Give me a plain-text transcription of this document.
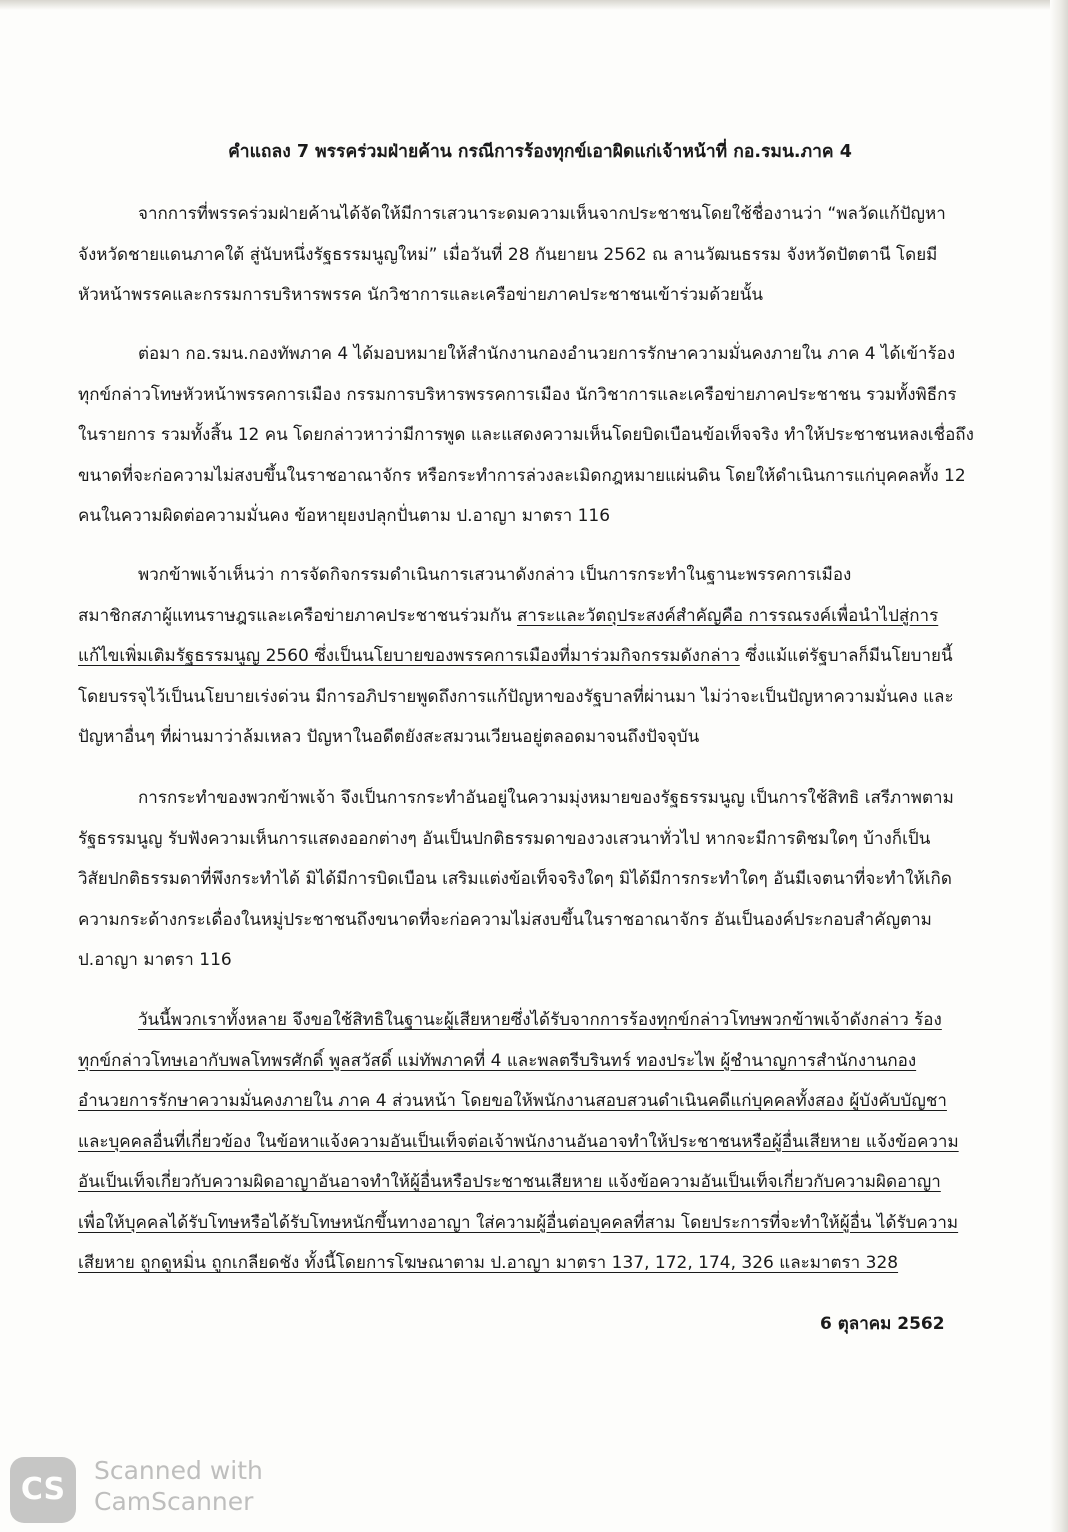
คำแถลง 7 พรรคร่วมฝ่ายค้าน กรณีการร้องทุกข์เอาผิดแก่เจ้าหน้าที่ กอ.รมน.ภาค 4
จากการที่พรรคร่วมฝ่ายค้านได้จัดให้มีการเสวนาระดมความเห็นจากประชาชนโดยใช้ชื่องานว่า “พลวัดแก้ปัญหา
จังหวัดชายแดนภาคใต้ สู่นับหนึ่งรัฐธรรมนูญใหม่” เมื่อวันที่ 28 กันยายน 2562 ณ ลานวัฒนธรรม จังหวัดปัตตานี โดยมี
หัวหน้าพรรคและกรรมการบริหารพรรค นักวิชาการและเครือข่ายภาคประชาชนเข้าร่วมด้วยนั้น
ต่อมา กอ.รมน.กองทัพภาค 4 ได้มอบหมายให้สำนักงานกองอำนวยการรักษาความมั่นคงภายใน ภาค 4 ได้เข้าร้อง
ทุกข์กล่าวโทษหัวหน้าพรรคการเมือง กรรมการบริหารพรรคการเมือง นักวิชาการและเครือข่ายภาคประชาชน รวมทั้งพิธีกร
ในรายการ รวมทั้งสิ้น 12 คน โดยกล่าวหาว่ามีการพูด และแสดงความเห็นโดยบิดเบือนข้อเท็จจริง ทำให้ประชาชนหลงเชื่อถึง
ขนาดที่จะก่อความไม่สงบขึ้นในราชอาณาจักร หรือกระทำการล่วงละเมิดกฎหมายแผ่นดิน โดยให้ดำเนินการแก่บุคคลทั้ง 12
คนในความผิดต่อความมั่นคง ข้อหายุยงปลุกปั่นตาม ป.อาญา มาตรา 116
พวกข้าพเจ้าเห็นว่า การจัดกิจกรรมดำเนินการเสวนาดังกล่าว เป็นการกระทำในฐานะพรรคการเมือง
สมาชิกสภาผู้แทนราษฎรและเครือข่ายภาคประชาชนร่วมกัน สาระและวัตถุประสงค์สำคัญคือ การรณรงค์เพื่อนำไปสู่การ
แก้ไขเพิ่มเติมรัฐธรรมนูญ 2560 ซึ่งเป็นนโยบายของพรรคการเมืองที่มาร่วมกิจกรรมดังกล่าว ซึ่งแม้แต่รัฐบาลก็มีนโยบายนี้
โดยบรรจุไว้เป็นนโยบายเร่งด่วน มีการอภิปรายพูดถึงการแก้ปัญหาของรัฐบาลที่ผ่านมา ไม่ว่าจะเป็นปัญหาความมั่นคง และ
ปัญหาอื่นๆ ที่ผ่านมาว่าล้มเหลว ปัญหาในอดีตยังสะสมวนเวียนอยู่ตลอดมาจนถึงปัจจุบัน
การกระทำของพวกข้าพเจ้า จึงเป็นการกระทำอันอยู่ในความมุ่งหมายของรัฐธรรมนูญ เป็นการใช้สิทธิ เสรีภาพตาม
รัฐธรรมนูญ รับฟังความเห็นการแสดงออกต่างๆ อันเป็นปกติธรรมดาของวงเสวนาทั่วไป หากจะมีการติชมใดๆ บ้างก็เป็น
วิสัยปกติธรรมดาที่พึงกระทำได้ มิได้มีการบิดเบือน เสริมแต่งข้อเท็จจริงใดๆ มิได้มีการกระทำใดๆ อันมีเจตนาที่จะทำให้เกิด
ความกระด้างกระเดื่องในหมู่ประชาชนถึงขนาดที่จะก่อความไม่สงบขึ้นในราชอาณาจักร อันเป็นองค์ประกอบสำคัญตาม
ป.อาญา มาตรา 116
วันนี้พวกเราทั้งหลาย จึงขอใช้สิทธิในฐานะผู้เสียหายซึ่งได้รับจากการร้องทุกข์กล่าวโทษพวกข้าพเจ้าดังกล่าว ร้อง
ทุกข์กล่าวโทษเอากับพลโทพรศักดิ์ พูลสวัสดิ์ แม่ทัพภาคที่ 4 และพลตรีบรินทร์ ทองประไพ ผู้ชำนาญการสำนักงานกอง
อำนวยการรักษาความมั่นคงภายใน ภาค 4 ส่วนหน้า โดยขอให้พนักงานสอบสวนดำเนินคดีแก่บุคคลทั้งสอง ผู้บังคับบัญชา
และบุคคลอื่นที่เกี่ยวข้อง ในข้อหาแจ้งความอันเป็นเท็จต่อเจ้าพนักงานอันอาจทำให้ประชาชนหรือผู้อื่นเสียหาย แจ้งข้อความ
อันเป็นเท็จเกี่ยวกับความผิดอาญาอันอาจทำให้ผู้อื่นหรือประชาชนเสียหาย แจ้งข้อความอันเป็นเท็จเกี่ยวกับความผิดอาญา
เพื่อให้บุคคลได้รับโทษหรือได้รับโทษหนักขึ้นทางอาญา ใส่ความผู้อื่นต่อบุคคลที่สาม โดยประการที่จะทำให้ผู้อื่น ได้รับความ
เสียหาย ถูกดูหมิ่น ถูกเกลียดชัง ทั้งนี้โดยการโฆษณาตาม ป.อาญา มาตรา 137, 172, 174, 326 และมาตรา 328
6 ตุลาคม 2562
CS
Scanned with
CamScanner
